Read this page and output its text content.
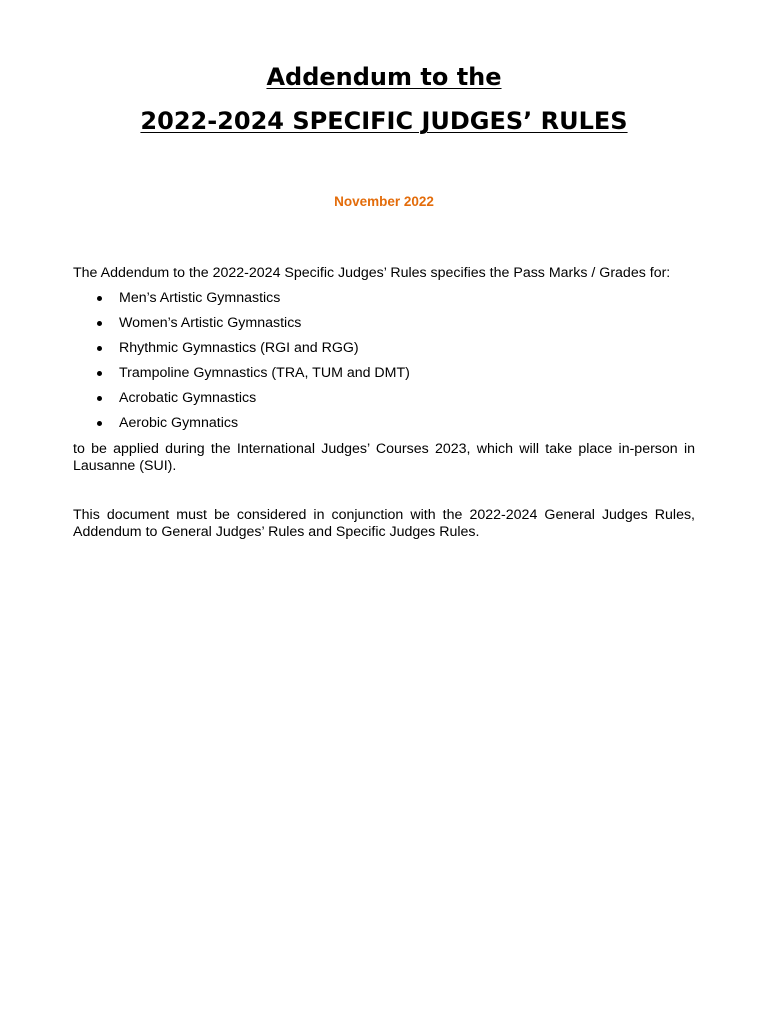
Addendum to the
2022-2024 SPECIFIC JUDGES’ RULES
November 2022

The Addendum to the 2022-2024 Specific Judges’ Rules specifies the Pass Marks / Grades for:

Men’s Artistic Gymnastics
Women’s Artistic Gymnastics
Rhythmic Gymnastics (RGI and RGG)
Trampoline Gymnastics (TRA, TUM and DMT)
Acrobatic Gymnastics
Aerobic Gymnatics

to be applied during the International Judges’ Courses 2023, which will take place in-person in
Lausanne (SUI).

This document must be considered in conjunction with the 2022-2024 General Judges Rules,
Addendum to General Judges’ Rules and Specific Judges Rules.
